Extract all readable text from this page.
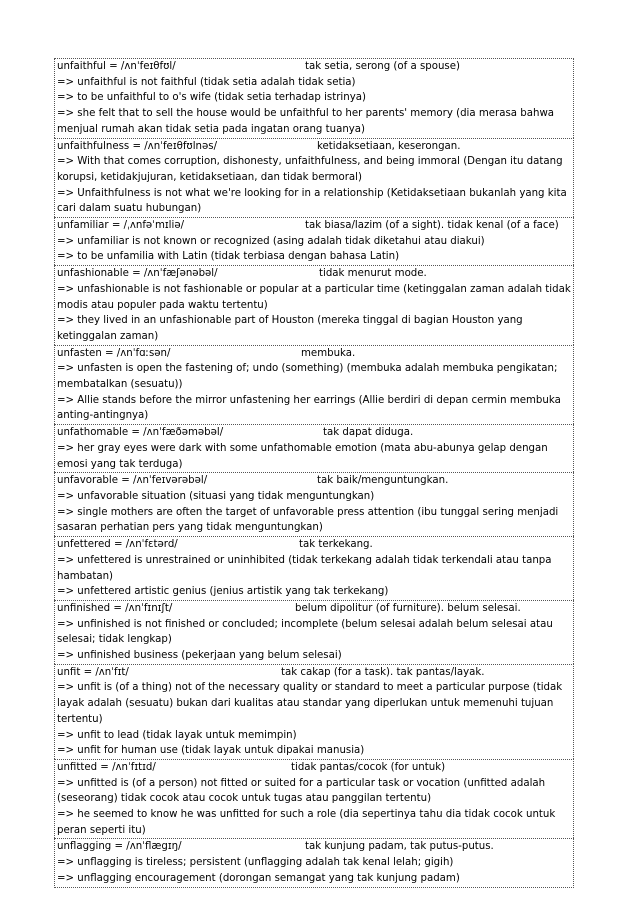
unfaithful = /ʌnˈfeɪθfʊl/	tak setia, serong (of a spouse)
=> unfaithful is not faithful (tidak setia adalah tidak setia)
=> to be unfaithful to o's wife (tidak setia terhadap istrinya)
=> she felt that to sell the house would be unfaithful to her parents' memory (dia merasa bahwa menjual rumah akan tidak setia pada ingatan orang tuanya)
unfaithfulness = /ʌnˈfeɪθfʊlnəs/	ketidaksetiaan, keserongan.
=> With that comes corruption, dishonesty, unfaithfulness, and being immoral (Dengan itu datang korupsi, ketidakjujuran, ketidaksetiaan, dan tidak bermoral)
=> Unfaithfulness is not what we're looking for in a relationship (Ketidaksetiaan bukanlah yang kita cari dalam suatu hubungan)
unfamiliar = /ˌʌnfəˈmɪliə/	tak biasa/lazim (of a sight). tidak kenal (of a face)
=> unfamiliar is not known or recognized (asing adalah tidak diketahui atau diakui)
=> to be unfamilia with Latin (tidak terbiasa dengan bahasa Latin)
unfashionable = /ʌnˈfæʃənəbəl/	tidak menurut mode.
=> unfashionable is not fashionable or popular at a particular time (ketinggalan zaman adalah tidak modis atau populer pada waktu tertentu)
=> they lived in an unfashionable part of Houston (mereka tinggal di bagian Houston yang ketinggalan zaman)
unfasten = /ʌnˈfɑːsən/	membuka.
=> unfasten is open the fastening of; undo (something) (membuka adalah membuka pengikatan; membatalkan (sesuatu))
=> Allie stands before the mirror unfastening her earrings (Allie berdiri di depan cermin membuka anting-antingnya)
unfathomable = /ʌnˈfæðəməbəl/	tak dapat diduga.
=> her gray eyes were dark with some unfathomable emotion (mata abu-abunya gelap dengan emosi yang tak terduga)
unfavorable = /ʌnˈfeɪvərəbəl/	tak baik/menguntungkan.
=> unfavorable situation (situasi yang tidak menguntungkan)
=> single mothers are often the target of unfavorable press attention (ibu tunggal sering menjadi sasaran perhatian pers yang tidak menguntungkan)
unfettered = /ʌnˈfɛtərd/	tak terkekang.
=> unfettered is unrestrained or uninhibited (tidak terkekang adalah tidak terkendali atau tanpa hambatan)
=> unfettered artistic genius (jenius artistik yang tak terkekang)
unfinished = /ʌnˈfɪnɪʃt/	belum dipolitur (of furniture). belum selesai.
=> unfinished is not finished or concluded; incomplete (belum selesai adalah belum selesai atau selesai; tidak lengkap)
=> unfinished business (pekerjaan yang belum selesai)
unfit = /ʌnˈfɪt/	tak cakap (for a task). tak pantas/layak.
=> unfit is (of a thing) not of the necessary quality or standard to meet a particular purpose (tidak layak adalah (sesuatu) bukan dari kualitas atau standar yang diperlukan untuk memenuhi tujuan tertentu)
=> unfit to lead (tidak layak untuk memimpin)
=> unfit for human use (tidak layak untuk dipakai manusia)
unfitted = /ʌnˈfɪtɪd/	tidak pantas/cocok (for untuk)
=> unfitted is (of a person) not fitted or suited for a particular task or vocation (unfitted adalah (seseorang) tidak cocok atau cocok untuk tugas atau panggilan tertentu)
=> he seemed to know he was unfitted for such a role (dia sepertinya tahu dia tidak cocok untuk peran seperti itu)
unflagging = /ʌnˈflægɪŋ/	tak kunjung padam, tak putus-putus.
=> unflagging is tireless; persistent (unflagging adalah tak kenal lelah; gigih)
=> unflagging encouragement (dorongan semangat yang tak kunjung padam)
